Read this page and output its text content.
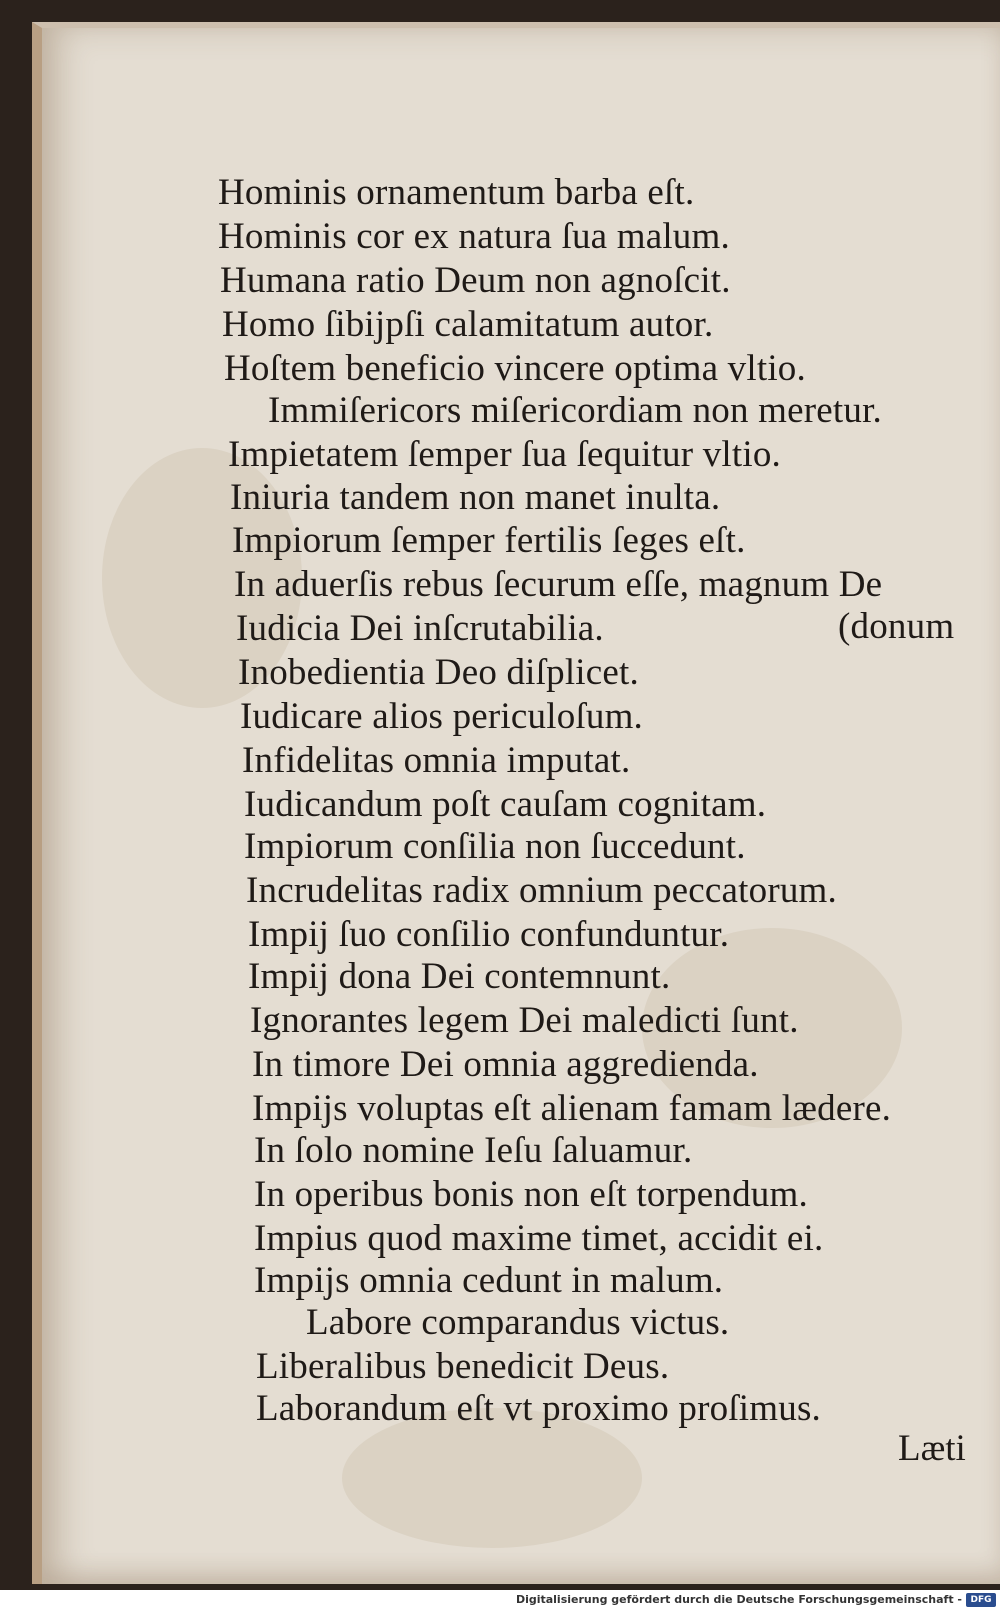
Hominis ornamentum barba eſt.
Hominis cor ex natura ſua malum.
Humana ratio Deum non agnoſcit.
Homo ſibijpſi calamitatum autor.
Hoſtem beneficio vincere optima vltio.
Immiſericors miſericordiam non meretur.
Impietatem ſemper ſua ſequitur vltio.
Iniuria tandem non manet inulta.
Impiorum ſemper fertilis ſeges eſt.
In aduerſis rebus ſecurum eſſe, magnum De
Iudicia Dei inſcrutabilia.	(donum
Inobedientia Deo diſplicet.
Iudicare alios periculoſum.
Infidelitas omnia imputat.
Iudicandum poſt cauſam cognitam.
Impiorum conſilia non ſuccedunt.
Incrudelitas radix omnium peccatorum.
Impij ſuo conſilio confunduntur.
Impij dona Dei contemnunt.
Ignorantes legem Dei maledicti ſunt.
In timore Dei omnia aggredienda.
Impijs voluptas eſt alienam famam lædere.
In ſolo nomine Ieſu ſaluamur.
In operibus bonis non eſt torpendum.
Impius quod maxime timet, accidit ei.
Impijs omnia cedunt in malum.
Labore comparandus victus.
Liberalibus benedicit Deus.
Laborandum eſt vt proximo proſimus.
Læti
Digitalisierung gefördert durch die Deutsche Forschungsgemeinschaft - DFG
